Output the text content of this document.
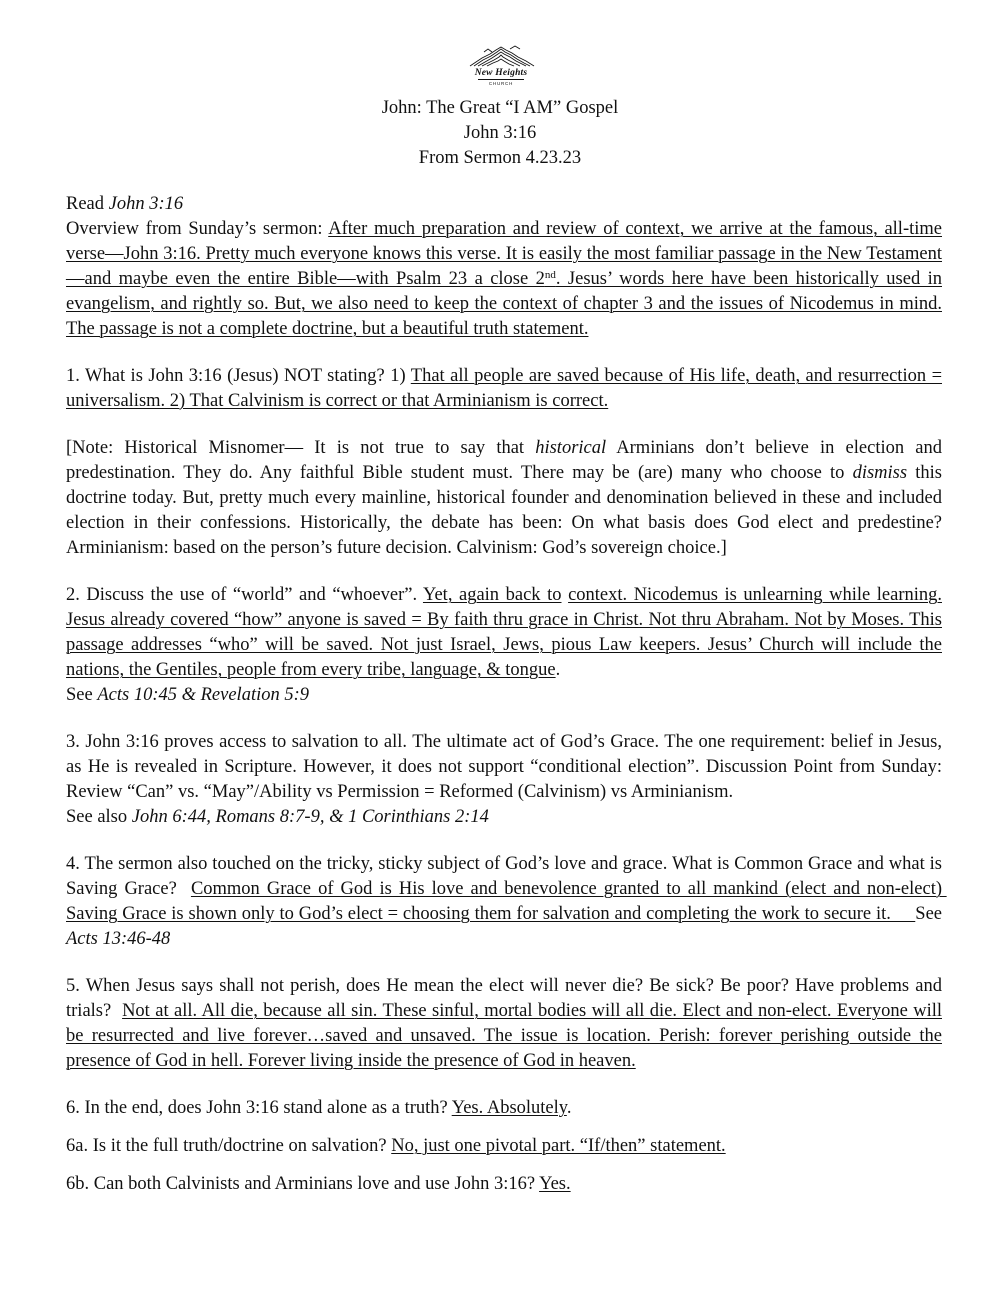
New Heights
CHURCH
John: The Great “I AM” Gospel
John 3:16
From Sermon 4.23.23

Read John 3:16

Overview from Sunday’s sermon: After much preparation and review of context, we arrive at the famous, all-time verse—John 3:16. Pretty much everyone knows this verse. It is easily the most familiar passage in the New Testament—and maybe even the entire Bible—with Psalm 23 a close 2nd. Jesus’ words here have been historically used in evangelism, and rightly so. But, we also need to keep the context of chapter 3 and the issues of Nicodemus in mind. The passage is not a complete doctrine, but a beautiful truth statement.

1. What is John 3:16 (Jesus) NOT stating? 1) That all people are saved because of His life, death, and resurrection = universalism. 2) That Calvinism is correct or that Arminianism is correct.

[Note: Historical Misnomer— It is not true to say that historical Arminians don’t believe in election and predestination. They do. Any faithful Bible student must. There may be (are) many who choose to dismiss this doctrine today. But, pretty much every mainline, historical founder and denomination believed in these and included election in their confessions. Historically, the debate has been: On what basis does God elect and predestine? Arminianism: based on the person’s future decision. Calvinism: God’s sovereign choice.]

2. Discuss the use of “world” and “whoever”. Yet, again back to context. Nicodemus is unlearning while learning. Jesus already covered “how” anyone is saved = By faith thru grace in Christ. Not thru Abraham. Not by Moses. This passage addresses “who” will be saved. Not just Israel, Jews, pious Law keepers. Jesus’ Church will include the nations, the Gentiles, people from every tribe, language, & tongue.

See Acts 10:45 & Revelation 5:9

3. John 3:16 proves access to salvation to all. The ultimate act of God’s Grace. The one requirement: belief in Jesus, as He is revealed in Scripture. However, it does not support “conditional election”. Discussion Point from Sunday: Review “Can” vs. “May”/Ability vs Permission = Reformed (Calvinism) vs Arminianism.

See also John 6:44, Romans 8:7-9, & 1 Corinthians 2:14

4. The sermon also touched on the tricky, sticky subject of God’s love and grace. What is Common Grace and what is Saving Grace?  Common Grace of God is His love and benevolence granted to all mankind (elect and non-elect) Saving Grace is shown only to God’s elect = choosing them for salvation and completing the work to secure it.     See Acts 13:46-48

5. When Jesus says shall not perish, does He mean the elect will never die? Be sick? Be poor? Have problems and trials?  Not at all. All die, because all sin. These sinful, mortal bodies will all die. Elect and non-elect. Everyone will be resurrected and live forever…saved and unsaved. The issue is location. Perish: forever perishing outside the presence of God in hell. Forever living inside the presence of God in heaven.

6. In the end, does John 3:16 stand alone as a truth? Yes. Absolutely.

6a. Is it the full truth/doctrine on salvation? No, just one pivotal part. “If/then” statement.

6b. Can both Calvinists and Arminians love and use John 3:16? Yes.
